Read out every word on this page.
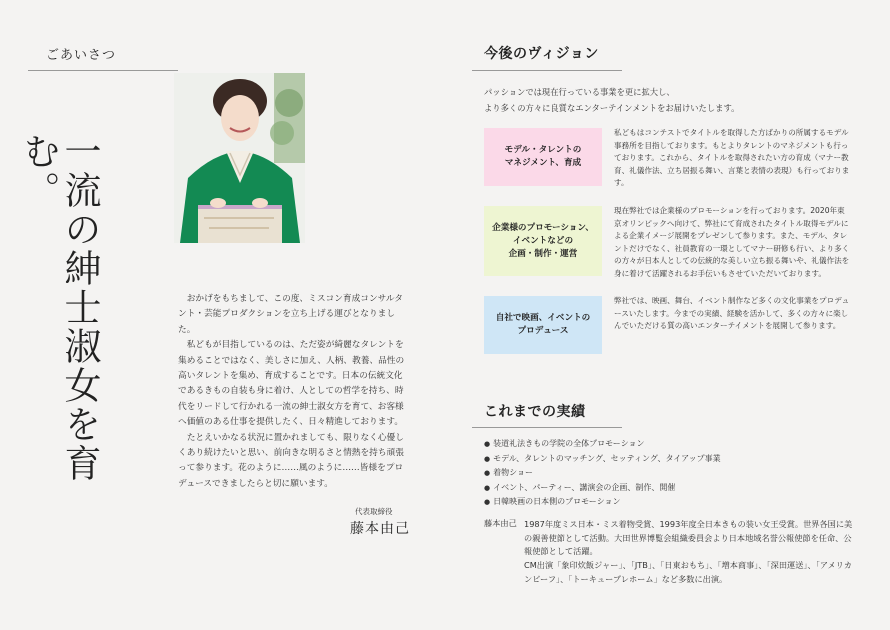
ごあいさつ
一流の紳士淑女を育む。

おかげをもちまして、この度、ミスコン育成コンサルタント・芸能プロダクションを立ち上げる運びとなりました。

私どもが目指しているのは、ただ姿が綺麗なタレントを集めることではなく、美しさに加え、人柄、教養、品性の高いタレントを集め、育成することです。日本の伝統文化であるきもの自装も身に着け、人としての哲学を持ち、時代をリードして行かれる一流の紳士淑女方を育て、お客様へ価値のある仕事を提供したく、日々精進しております。

たとえいかなる状況に置かれましても、限りなく心優しくあり続けたいと思い、前向きな明るさと情熱を持ち頑張って参ります。花のように……風のように……皆様をプロデュースできましたらと切に願います。

代表取締役
藤本由己
今後のヴィジョン
パッションでは現在行っている事業を更に拡大し、
より多くの方々に良質なエンターテインメントをお届けいたします。
モデル・タレントの
マネジメント、育成
私どもはコンテストでタイトルを取得した方ばかりの所属するモデル事務所を目指しております。もとよりタレントのマネジメントも行っております。これから、タイトルを取得されたい方の育成（マナー教育、礼儀作法、立ち居振る舞い、言葉と表情の表現）も行っております。
企業様のプロモーション、
イベントなどの
企画・制作・運営
現在弊社では企業様のプロモーションを行っております。2020年東京オリンピックへ向けて、弊社にて育成されたタイトル取得モデルによる企業イメージ展開をプレゼンして参ります。また、モデル、タレントだけでなく、社員教育の一環としてマナー研修も行い、より多くの方々が日本人としての伝統的な美しい立ち振る舞いや、礼儀作法を身に着けて活躍されるお手伝いもさせていただいております。
自社で映画、イベントの
プロデュース
弊社では、映画、舞台、イベント制作など多くの文化事業をプロデュースいたします。今までの実績、経験を活かして、多くの方々に楽しんでいただける質の高いエンターテイメントを展開して参ります。
これまでの実績
● 装道礼法きもの学院の全体プロモーション
● モデル、タレントのマッチング、セッティング、タイアップ事業
● 着物ショー
● イベント、パーティー、講演会の企画、制作、開催
● 日韓映画の日本側のプロモーション
藤本由己 1987年度ミス日本・ミス着物受賞、1993年度全日本きもの装い女王受賞。世界各国に美の親善使節として活動。大田世界博覧会組織委員会より日本地域名誉公報使節を任命、公報使節として活躍。

CM出演「象印炊飯ジャー」、「JTB」、「日東おもち」、「増本商事」、「深田運送」、「アメリカンビーフ」、「トーキュープレホーム」など多数に出演。
